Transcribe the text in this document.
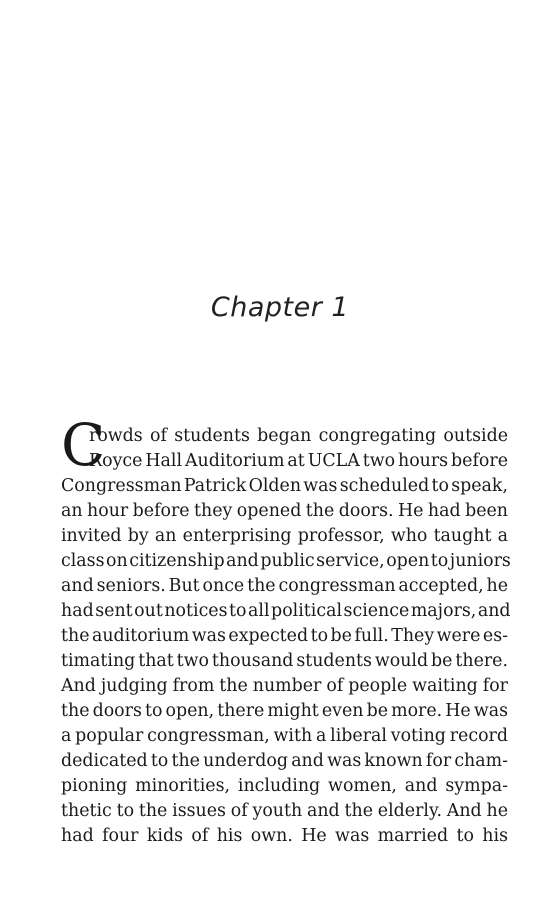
Chapter 1
C
rowds of students began congregating outside
Royce Hall Auditorium at UCLA two hours before
Congressman Patrick Olden was scheduled to speak,
an hour before they opened the doors. He had been
invited by an enterprising professor, who taught a
class on citizenship and public service, open to juniors
and seniors. But once the congressman accepted, he
had sent out notices to all political science majors, and
the auditorium was expected to be full. They were es-
timating that two thousand students would be there.
And judging from the number of people waiting for
the doors to open, there might even be more. He was
a popular congressman, with a liberal voting record
dedicated to the underdog and was known for cham-
pioning minorities, including women, and sympa-
thetic to the issues of youth and the elderly. And he
had four kids of his own. He was married to his
